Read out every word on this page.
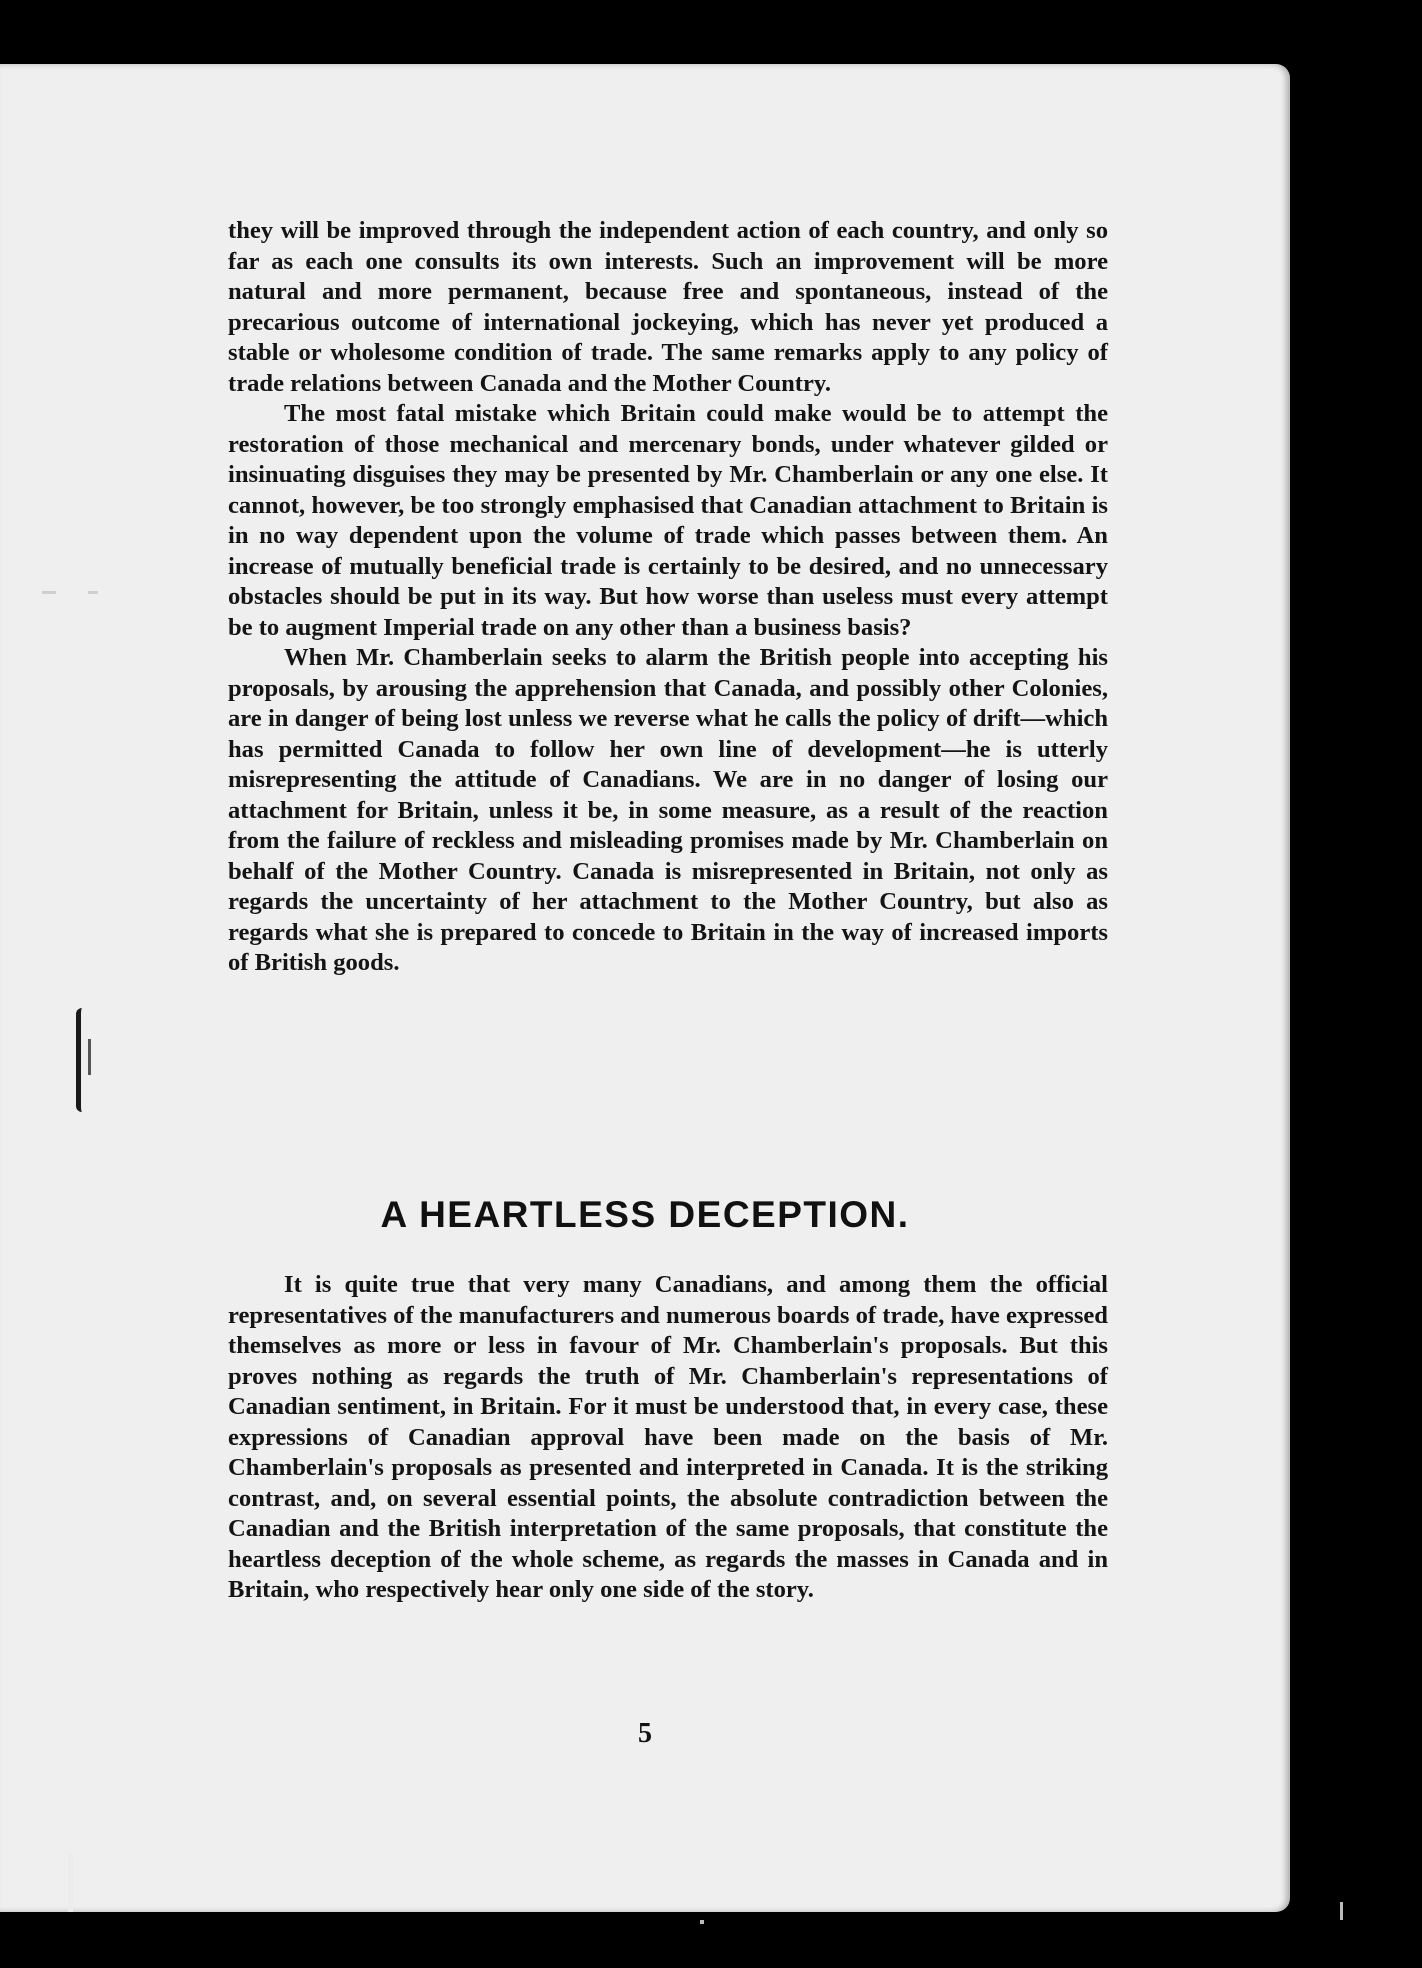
they will be improved through the independent action of each country, and only so far as each one consults its own interests. Such an improvement will be more natural and more permanent, because free and spontaneous, instead of the precarious outcome of international jockeying, which has never yet produced a stable or wholesome condition of trade. The same remarks apply to any policy of trade relations between Canada and the Mother Country.

The most fatal mistake which Britain could make would be to attempt the restoration of those mechanical and mercenary bonds, under whatever gilded or insinuating disguises they may be presented by Mr. Chamberlain or any one else. It cannot, however, be too strongly emphasised that Canadian attachment to Britain is in no way dependent upon the volume of trade which passes between them. An increase of mutually beneficial trade is certainly to be desired, and no unnecessary obstacles should be put in its way. But how worse than useless must every attempt be to augment Imperial trade on any other than a business basis?

When Mr. Chamberlain seeks to alarm the British people into accepting his proposals, by arousing the apprehension that Canada, and possibly other Colonies, are in danger of being lost unless we reverse what he calls the policy of drift—which has permitted Canada to follow her own line of development—he is utterly misrepresenting the attitude of Canadians. We are in no danger of losing our attachment for Britain, unless it be, in some measure, as a result of the reaction from the failure of reckless and misleading promises made by Mr. Chamberlain on behalf of the Mother Country. Canada is misrepresented in Britain, not only as regards the uncertainty of her attachment to the Mother Country, but also as regards what she is prepared to concede to Britain in the way of increased imports of British goods.

A HEARTLESS DECEPTION.

It is quite true that very many Canadians, and among them the official representatives of the manufacturers and numerous boards of trade, have expressed themselves as more or less in favour of Mr. Chamberlain's proposals. But this proves nothing as regards the truth of Mr. Chamberlain's representations of Canadian sentiment, in Britain. For it must be understood that, in every case, these expressions of Canadian approval have been made on the basis of Mr. Chamberlain's proposals as presented and interpreted in Canada. It is the striking contrast, and, on several essential points, the absolute contradiction between the Canadian and the British interpretation of the same proposals, that constitute the heartless deception of the whole scheme, as regards the masses in Canada and in Britain, who respectively hear only one side of the story.

5
